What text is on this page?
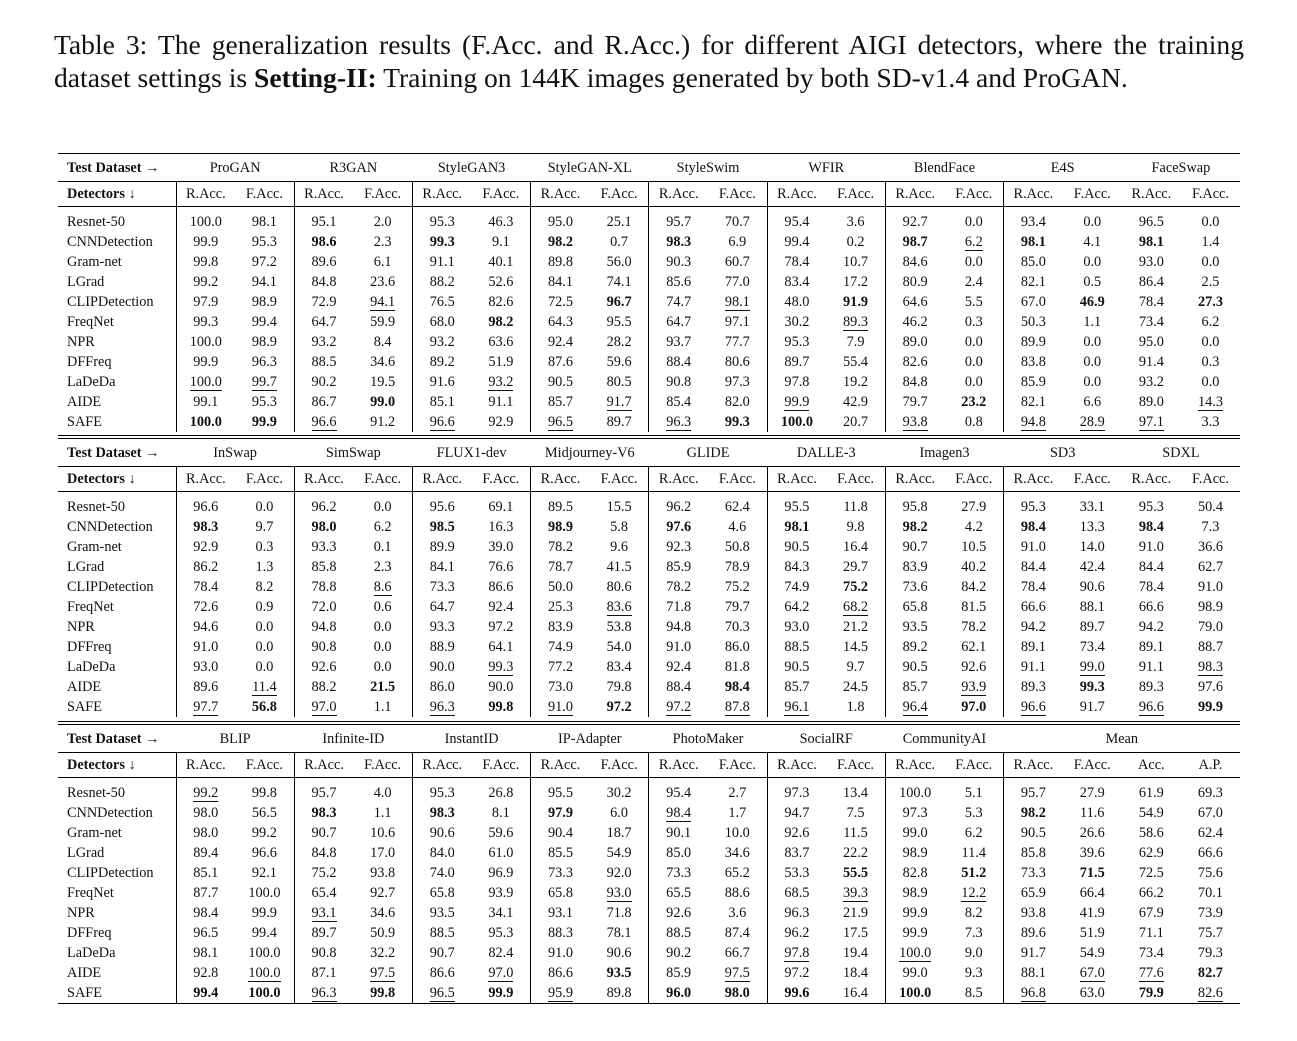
Table 3: The generalization results (F.Acc. and R.Acc.) for different AIGI detectors, where the training dataset settings is Setting-II: Training on 144K images generated by both SD-v1.4 and ProGAN.
Test Dataset →	ProGAN		R3GAN		StyleGAN3		StyleGAN-XL		StyleSwim		WFIR		BlendFace		E4S		FaceSwap	
Detectors ↓	R.Acc.	F.Acc.	R.Acc.	F.Acc.	R.Acc.	F.Acc.	R.Acc.	F.Acc.	R.Acc.	F.Acc.	R.Acc.	F.Acc.	R.Acc.	F.Acc.	R.Acc.	F.Acc.	R.Acc.	F.Acc.
Resnet-50	100.0	98.1	95.1	2.0	95.3	46.3	95.0	25.1	95.7	70.7	95.4	3.6	92.7	0.0	93.4	0.0	96.5	0.0
CNNDetection	99.9	95.3	98.6	2.3	99.3	9.1	98.2	0.7	98.3	6.9	99.4	0.2	98.7	6.2	98.1	4.1	98.1	1.4
Gram-net	99.8	97.2	89.6	6.1	91.1	40.1	89.8	56.0	90.3	60.7	78.4	10.7	84.6	0.0	85.0	0.0	93.0	0.0
LGrad	99.2	94.1	84.8	23.6	88.2	52.6	84.1	74.1	85.6	77.0	83.4	17.2	80.9	2.4	82.1	0.5	86.4	2.5
CLIPDetection	97.9	98.9	72.9	94.1	76.5	82.6	72.5	96.7	74.7	98.1	48.0	91.9	64.6	5.5	67.0	46.9	78.4	27.3
FreqNet	99.3	99.4	64.7	59.9	68.0	98.2	64.3	95.5	64.7	97.1	30.2	89.3	46.2	0.3	50.3	1.1	73.4	6.2
NPR	100.0	98.9	93.2	8.4	93.2	63.6	92.4	28.2	93.7	77.7	95.3	7.9	89.0	0.0	89.9	0.0	95.0	0.0
DFFreq	99.9	96.3	88.5	34.6	89.2	51.9	87.6	59.6	88.4	80.6	89.7	55.4	82.6	0.0	83.8	0.0	91.4	0.3
LaDeDa	100.0	99.7	90.2	19.5	91.6	93.2	90.5	80.5	90.8	97.3	97.8	19.2	84.8	0.0	85.9	0.0	93.2	0.0
AIDE	99.1	95.3	86.7	99.0	85.1	91.1	85.7	91.7	85.4	82.0	99.9	42.9	79.7	23.2	82.1	6.6	89.0	14.3
SAFE	100.0	99.9	96.6	91.2	96.6	92.9	96.5	89.7	96.3	99.3	100.0	20.7	93.8	0.8	94.8	28.9	97.1	3.3
Test Dataset →	InSwap		SimSwap		FLUX1-dev		Midjourney-V6		GLIDE		DALLE-3		Imagen3		SD3		SDXL	
Detectors ↓	R.Acc.	F.Acc.	R.Acc.	F.Acc.	R.Acc.	F.Acc.	R.Acc.	F.Acc.	R.Acc.	F.Acc.	R.Acc.	F.Acc.	R.Acc.	F.Acc.	R.Acc.	F.Acc.	R.Acc.	F.Acc.
Resnet-50	96.6	0.0	96.2	0.0	95.6	69.1	89.5	15.5	96.2	62.4	95.5	11.8	95.8	27.9	95.3	33.1	95.3	50.4
CNNDetection	98.3	9.7	98.0	6.2	98.5	16.3	98.9	5.8	97.6	4.6	98.1	9.8	98.2	4.2	98.4	13.3	98.4	7.3
Gram-net	92.9	0.3	93.3	0.1	89.9	39.0	78.2	9.6	92.3	50.8	90.5	16.4	90.7	10.5	91.0	14.0	91.0	36.6
LGrad	86.2	1.3	85.8	2.3	84.1	76.6	78.7	41.5	85.9	78.9	84.3	29.7	83.9	40.2	84.4	42.4	84.4	62.7
CLIPDetection	78.4	8.2	78.8	8.6	73.3	86.6	50.0	80.6	78.2	75.2	74.9	75.2	73.6	84.2	78.4	90.6	78.4	91.0
FreqNet	72.6	0.9	72.0	0.6	64.7	92.4	25.3	83.6	71.8	79.7	64.2	68.2	65.8	81.5	66.6	88.1	66.6	98.9
NPR	94.6	0.0	94.8	0.0	93.3	97.2	83.9	53.8	94.8	70.3	93.0	21.2	93.5	78.2	94.2	89.7	94.2	79.0
DFFreq	91.0	0.0	90.8	0.0	88.9	64.1	74.9	54.0	91.0	86.0	88.5	14.5	89.2	62.1	89.1	73.4	89.1	88.7
LaDeDa	93.0	0.0	92.6	0.0	90.0	99.3	77.2	83.4	92.4	81.8	90.5	9.7	90.5	92.6	91.1	99.0	91.1	98.3
AIDE	89.6	11.4	88.2	21.5	86.0	90.0	73.0	79.8	88.4	98.4	85.7	24.5	85.7	93.9	89.3	99.3	89.3	97.6
SAFE	97.7	56.8	97.0	1.1	96.3	99.8	91.0	97.2	97.2	87.8	96.1	1.8	96.4	97.0	96.6	91.7	96.6	99.9
Test Dataset →	BLIP		Infinite-ID		InstantID		IP-Adapter		PhotoMaker		SocialRF		CommunityAI		Mean			
Detectors ↓	R.Acc.	F.Acc.	R.Acc.	F.Acc.	R.Acc.	F.Acc.	R.Acc.	F.Acc.	R.Acc.	F.Acc.	R.Acc.	F.Acc.	R.Acc.	F.Acc.	R.Acc.	F.Acc.	Acc.	A.P.
Resnet-50	99.2	99.8	95.7	4.0	95.3	26.8	95.5	30.2	95.4	2.7	97.3	13.4	100.0	5.1	95.7	27.9	61.9	69.3
CNNDetection	98.0	56.5	98.3	1.1	98.3	8.1	97.9	6.0	98.4	1.7	94.7	7.5	97.3	5.3	98.2	11.6	54.9	67.0
Gram-net	98.0	99.2	90.7	10.6	90.6	59.6	90.4	18.7	90.1	10.0	92.6	11.5	99.0	6.2	90.5	26.6	58.6	62.4
LGrad	89.4	96.6	84.8	17.0	84.0	61.0	85.5	54.9	85.0	34.6	83.7	22.2	98.9	11.4	85.8	39.6	62.9	66.6
CLIPDetection	85.1	92.1	75.2	93.8	74.0	96.9	73.3	92.0	73.3	65.2	53.3	55.5	82.8	51.2	73.3	71.5	72.5	75.6
FreqNet	87.7	100.0	65.4	92.7	65.8	93.9	65.8	93.0	65.5	88.6	68.5	39.3	98.9	12.2	65.9	66.4	66.2	70.1
NPR	98.4	99.9	93.1	34.6	93.5	34.1	93.1	71.8	92.6	3.6	96.3	21.9	99.9	8.2	93.8	41.9	67.9	73.9
DFFreq	96.5	99.4	89.7	50.9	88.5	95.3	88.3	78.1	88.5	87.4	96.2	17.5	99.9	7.3	89.6	51.9	71.1	75.7
LaDeDa	98.1	100.0	90.8	32.2	90.7	82.4	91.0	90.6	90.2	66.7	97.8	19.4	100.0	9.0	91.7	54.9	73.4	79.3
AIDE	92.8	100.0	87.1	97.5	86.6	97.0	86.6	93.5	85.9	97.5	97.2	18.4	99.0	9.3	88.1	67.0	77.6	82.7
SAFE	99.4	100.0	96.3	99.8	96.5	99.9	95.9	89.8	96.0	98.0	99.6	16.4	100.0	8.5	96.8	63.0	79.9	82.6
